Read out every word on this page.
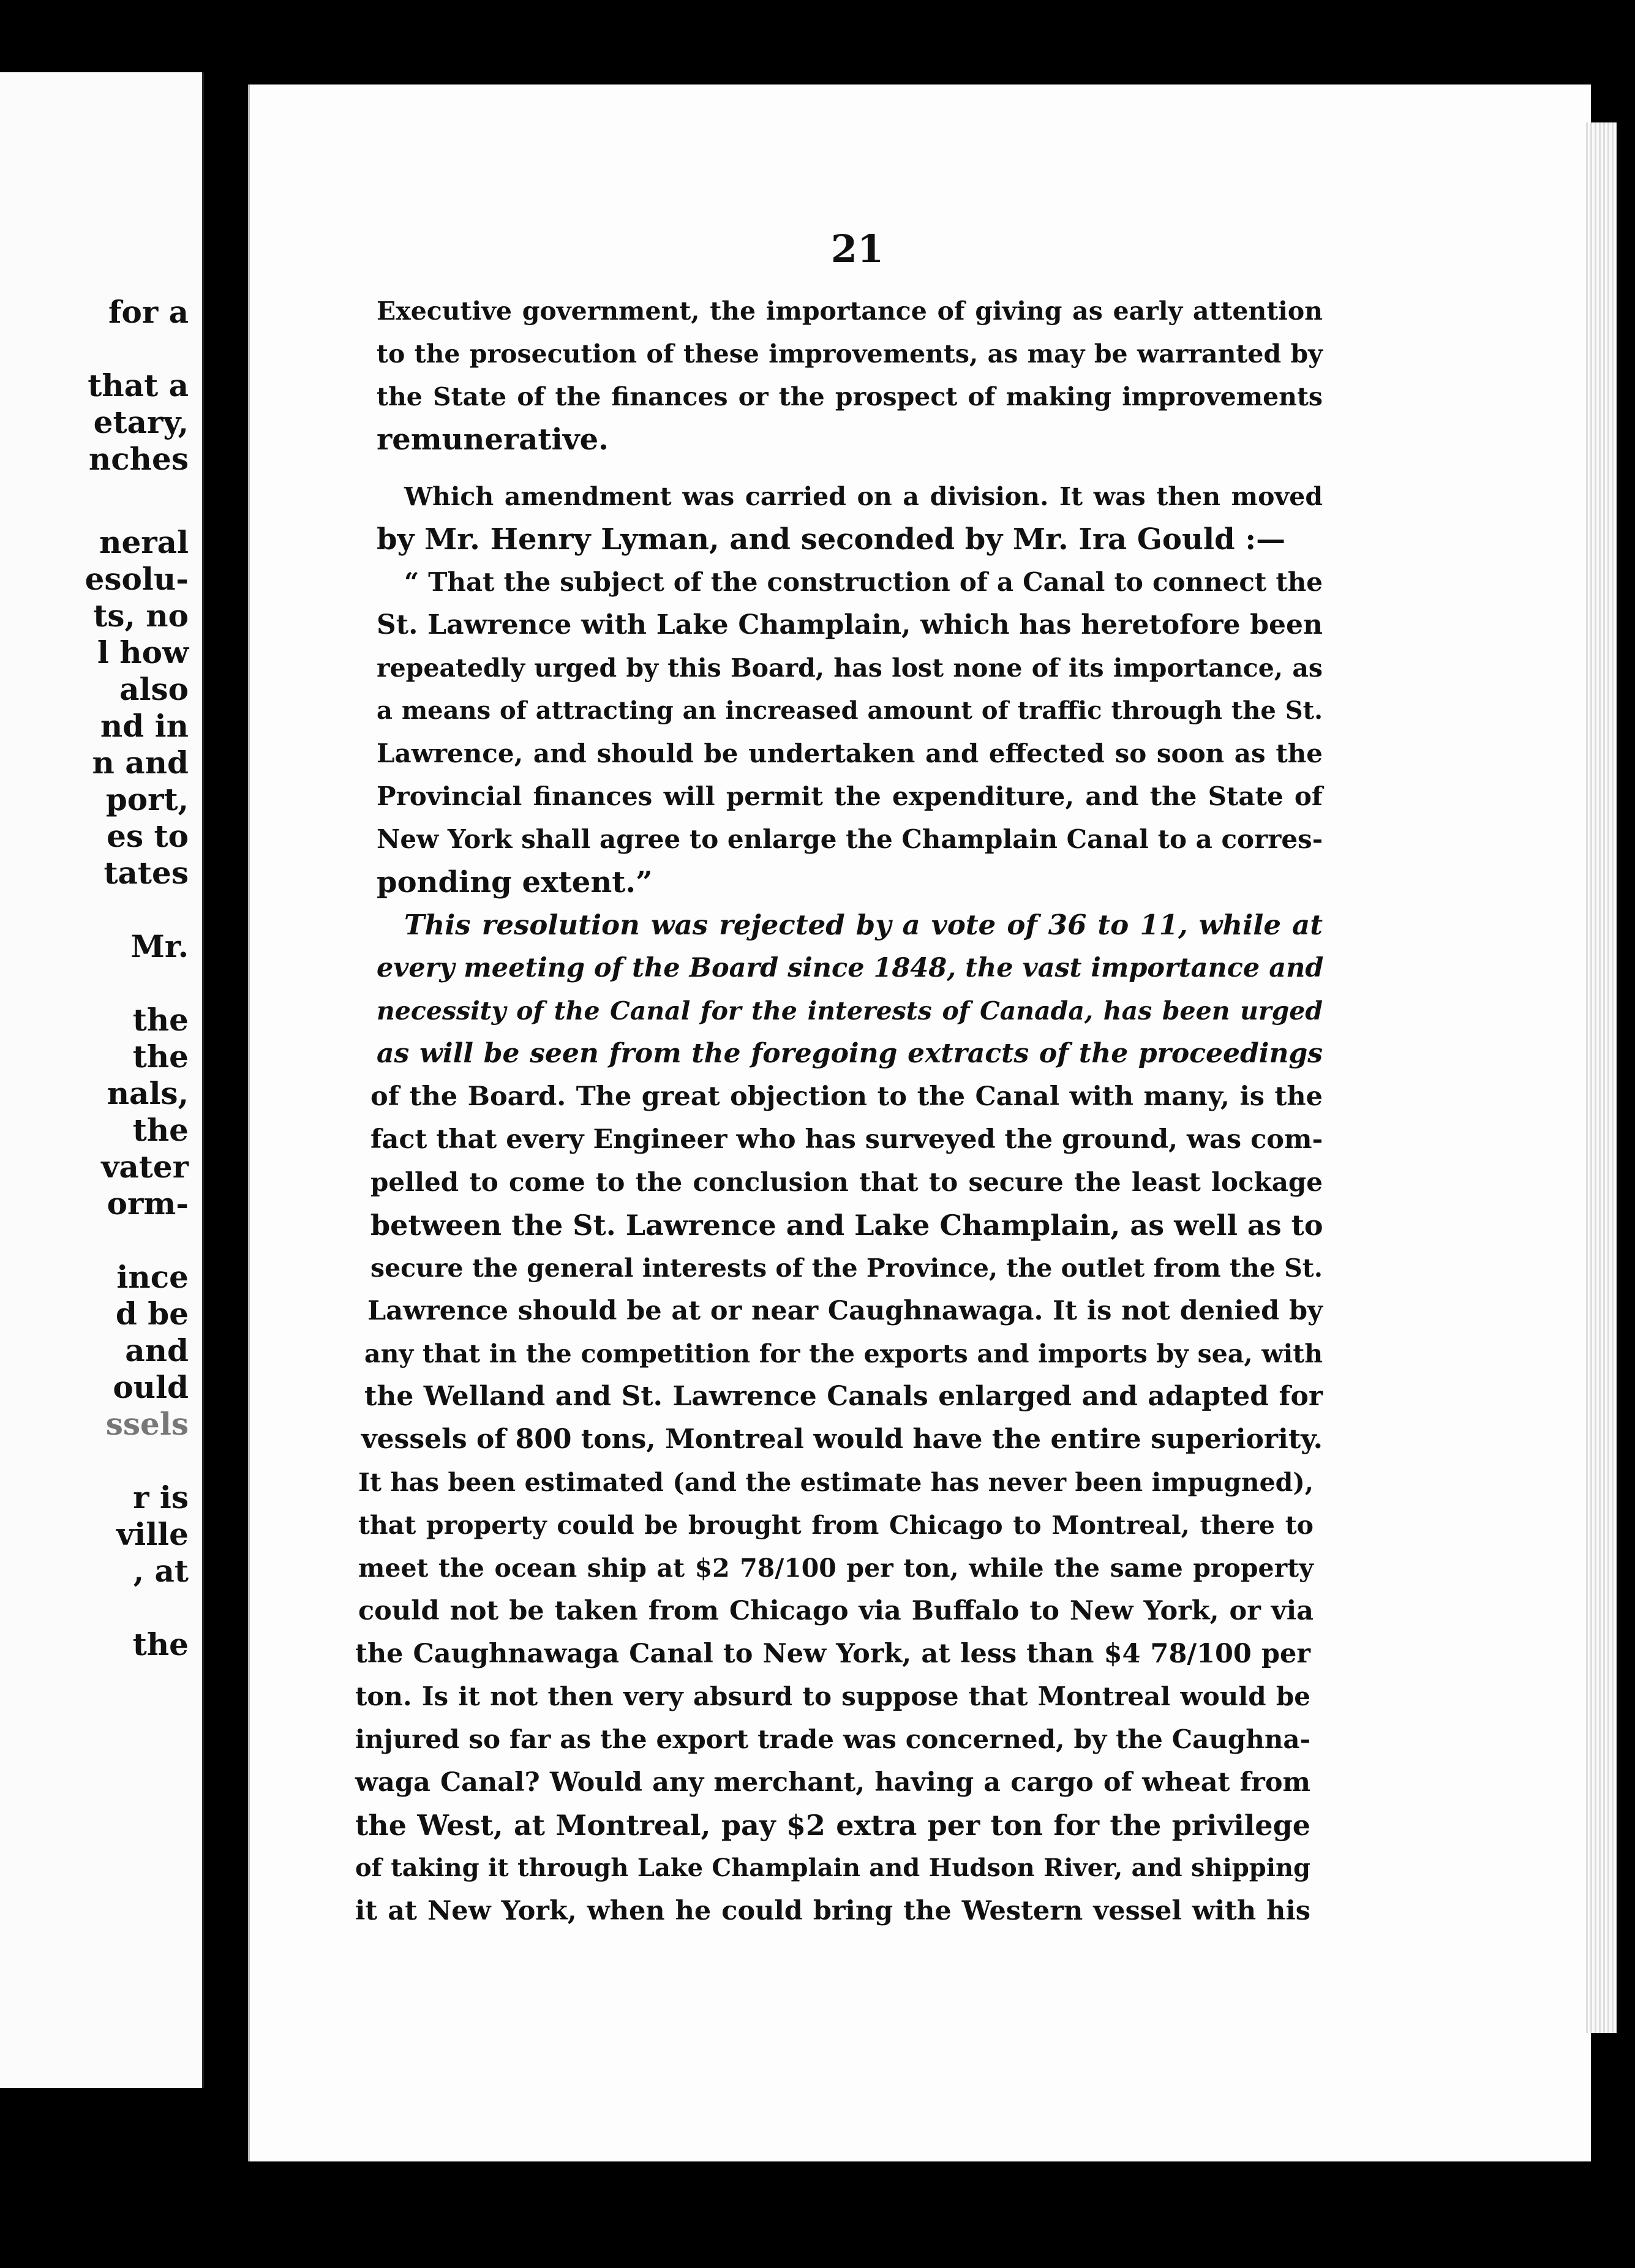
for a
that a
etary,
nches
neral
esolu-
ts, no
l how
also
nd in
n and
port,
es to
tates
Mr.
the
the
nals,
the
vater
orm-
ince
d be
and
ould
ssels
r is
ville
, at
the
21
Executive government, the importance of giving as early attention
to the prosecution of these improvements, as may be warranted by
the State of the finances or the prospect of making improvements
remunerative.
Which amendment was carried on a division. It was then moved
by Mr. Henry Lyman, and seconded by Mr. Ira Gould :—
“ That the subject of the construction of a Canal to connect the
St. Lawrence with Lake Champlain, which has heretofore been
repeatedly urged by this Board, has lost none of its importance, as
a means of attracting an increased amount of traffic through the St.
Lawrence, and should be undertaken and effected so soon as the
Provincial finances will permit the expenditure, and the State of
New York shall agree to enlarge the Champlain Canal to a corres-
ponding extent.”
This resolution was rejected by a vote of 36 to 11, while at
every meeting of the Board since 1848, the vast importance and
necessity of the Canal for the interests of Canada, has been urged
as will be seen from the foregoing extracts of the proceedings
of the Board. The great objection to the Canal with many, is the
fact that every Engineer who has surveyed the ground, was com-
pelled to come to the conclusion that to secure the least lockage
between the St. Lawrence and Lake Champlain, as well as to
secure the general interests of the Province, the outlet from the St.
Lawrence should be at or near Caughnawaga. It is not denied by
any that in the competition for the exports and imports by sea, with
the Welland and St. Lawrence Canals enlarged and adapted for
vessels of 800 tons, Montreal would have the entire superiority.
It has been estimated (and the estimate has never been impugned),
that property could be brought from Chicago to Montreal, there to
meet the ocean ship at $2 78/100 per ton, while the same property
could not be taken from Chicago via Buffalo to New York, or via
the Caughnawaga Canal to New York, at less than $4 78/100 per
ton. Is it not then very absurd to suppose that Montreal would be
injured so far as the export trade was concerned, by the Caughna-
waga Canal? Would any merchant, having a cargo of wheat from
the West, at Montreal, pay $2 extra per ton for the privilege
of taking it through Lake Champlain and Hudson River, and shipping
it at New York, when he could bring the Western vessel with his
